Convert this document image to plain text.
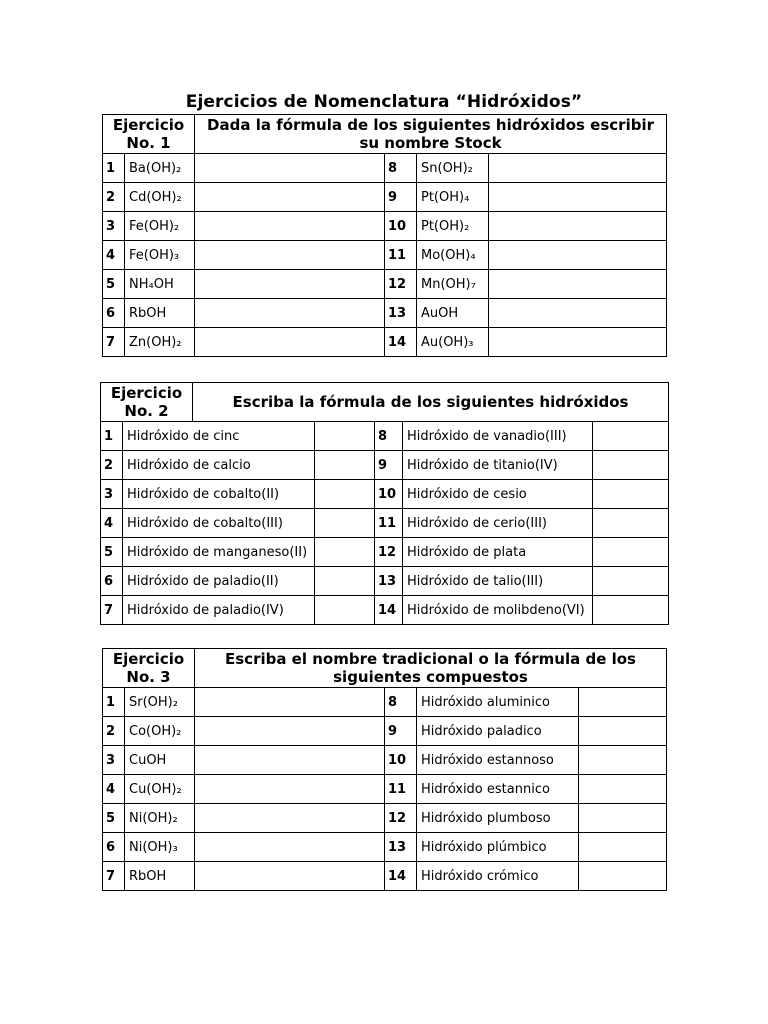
Ejercicios de Nomenclatura “Hidróxidos”
Ejercicio
No. 1		Dada la fórmula de los siguientes hidróxidos escribir su nombre Stock			
1	Ba(OH)₂		8	Sn(OH)₂	
2	Cd(OH)₂		9	Pt(OH)₄	
3	Fe(OH)₂		10	Pt(OH)₂	
4	Fe(OH)₃		11	Mo(OH)₄	
5	NH₄OH		12	Mn(OH)₇	
6	RbOH		13	AuOH	
7	Zn(OH)₂		14	Au(OH)₃	
Ejercicio
No. 2		Escriba la fórmula de los siguientes hidróxidos				
1	Hidróxido de cinc			8	Hidróxido de vanadio(III)	
2	Hidróxido de calcio			9	Hidróxido de titanio(IV)	
3	Hidróxido de cobalto(II)			10	Hidróxido de cesio	
4	Hidróxido de cobalto(III)			11	Hidróxido de cerio(III)	
5	Hidróxido de manganeso(II)			12	Hidróxido de plata	
6	Hidróxido de paladio(II)			13	Hidróxido de talio(III)	
7	Hidróxido de paladio(IV)			14	Hidróxido de molibdeno(VI)	
Ejercicio
No. 3		Escriba el nombre tradicional o la fórmula de los siguientes compuestos			
1	Sr(OH)₂		8	Hidróxido aluminico	
2	Co(OH)₂		9	Hidróxido paladico	
3	CuOH		10	Hidróxido estannoso	
4	Cu(OH)₂		11	Hidróxido estannico	
5	Ni(OH)₂		12	Hidróxido plumboso	
6	Ni(OH)₃		13	Hidróxido plúmbico	
7	RbOH		14	Hidróxido crómico	
